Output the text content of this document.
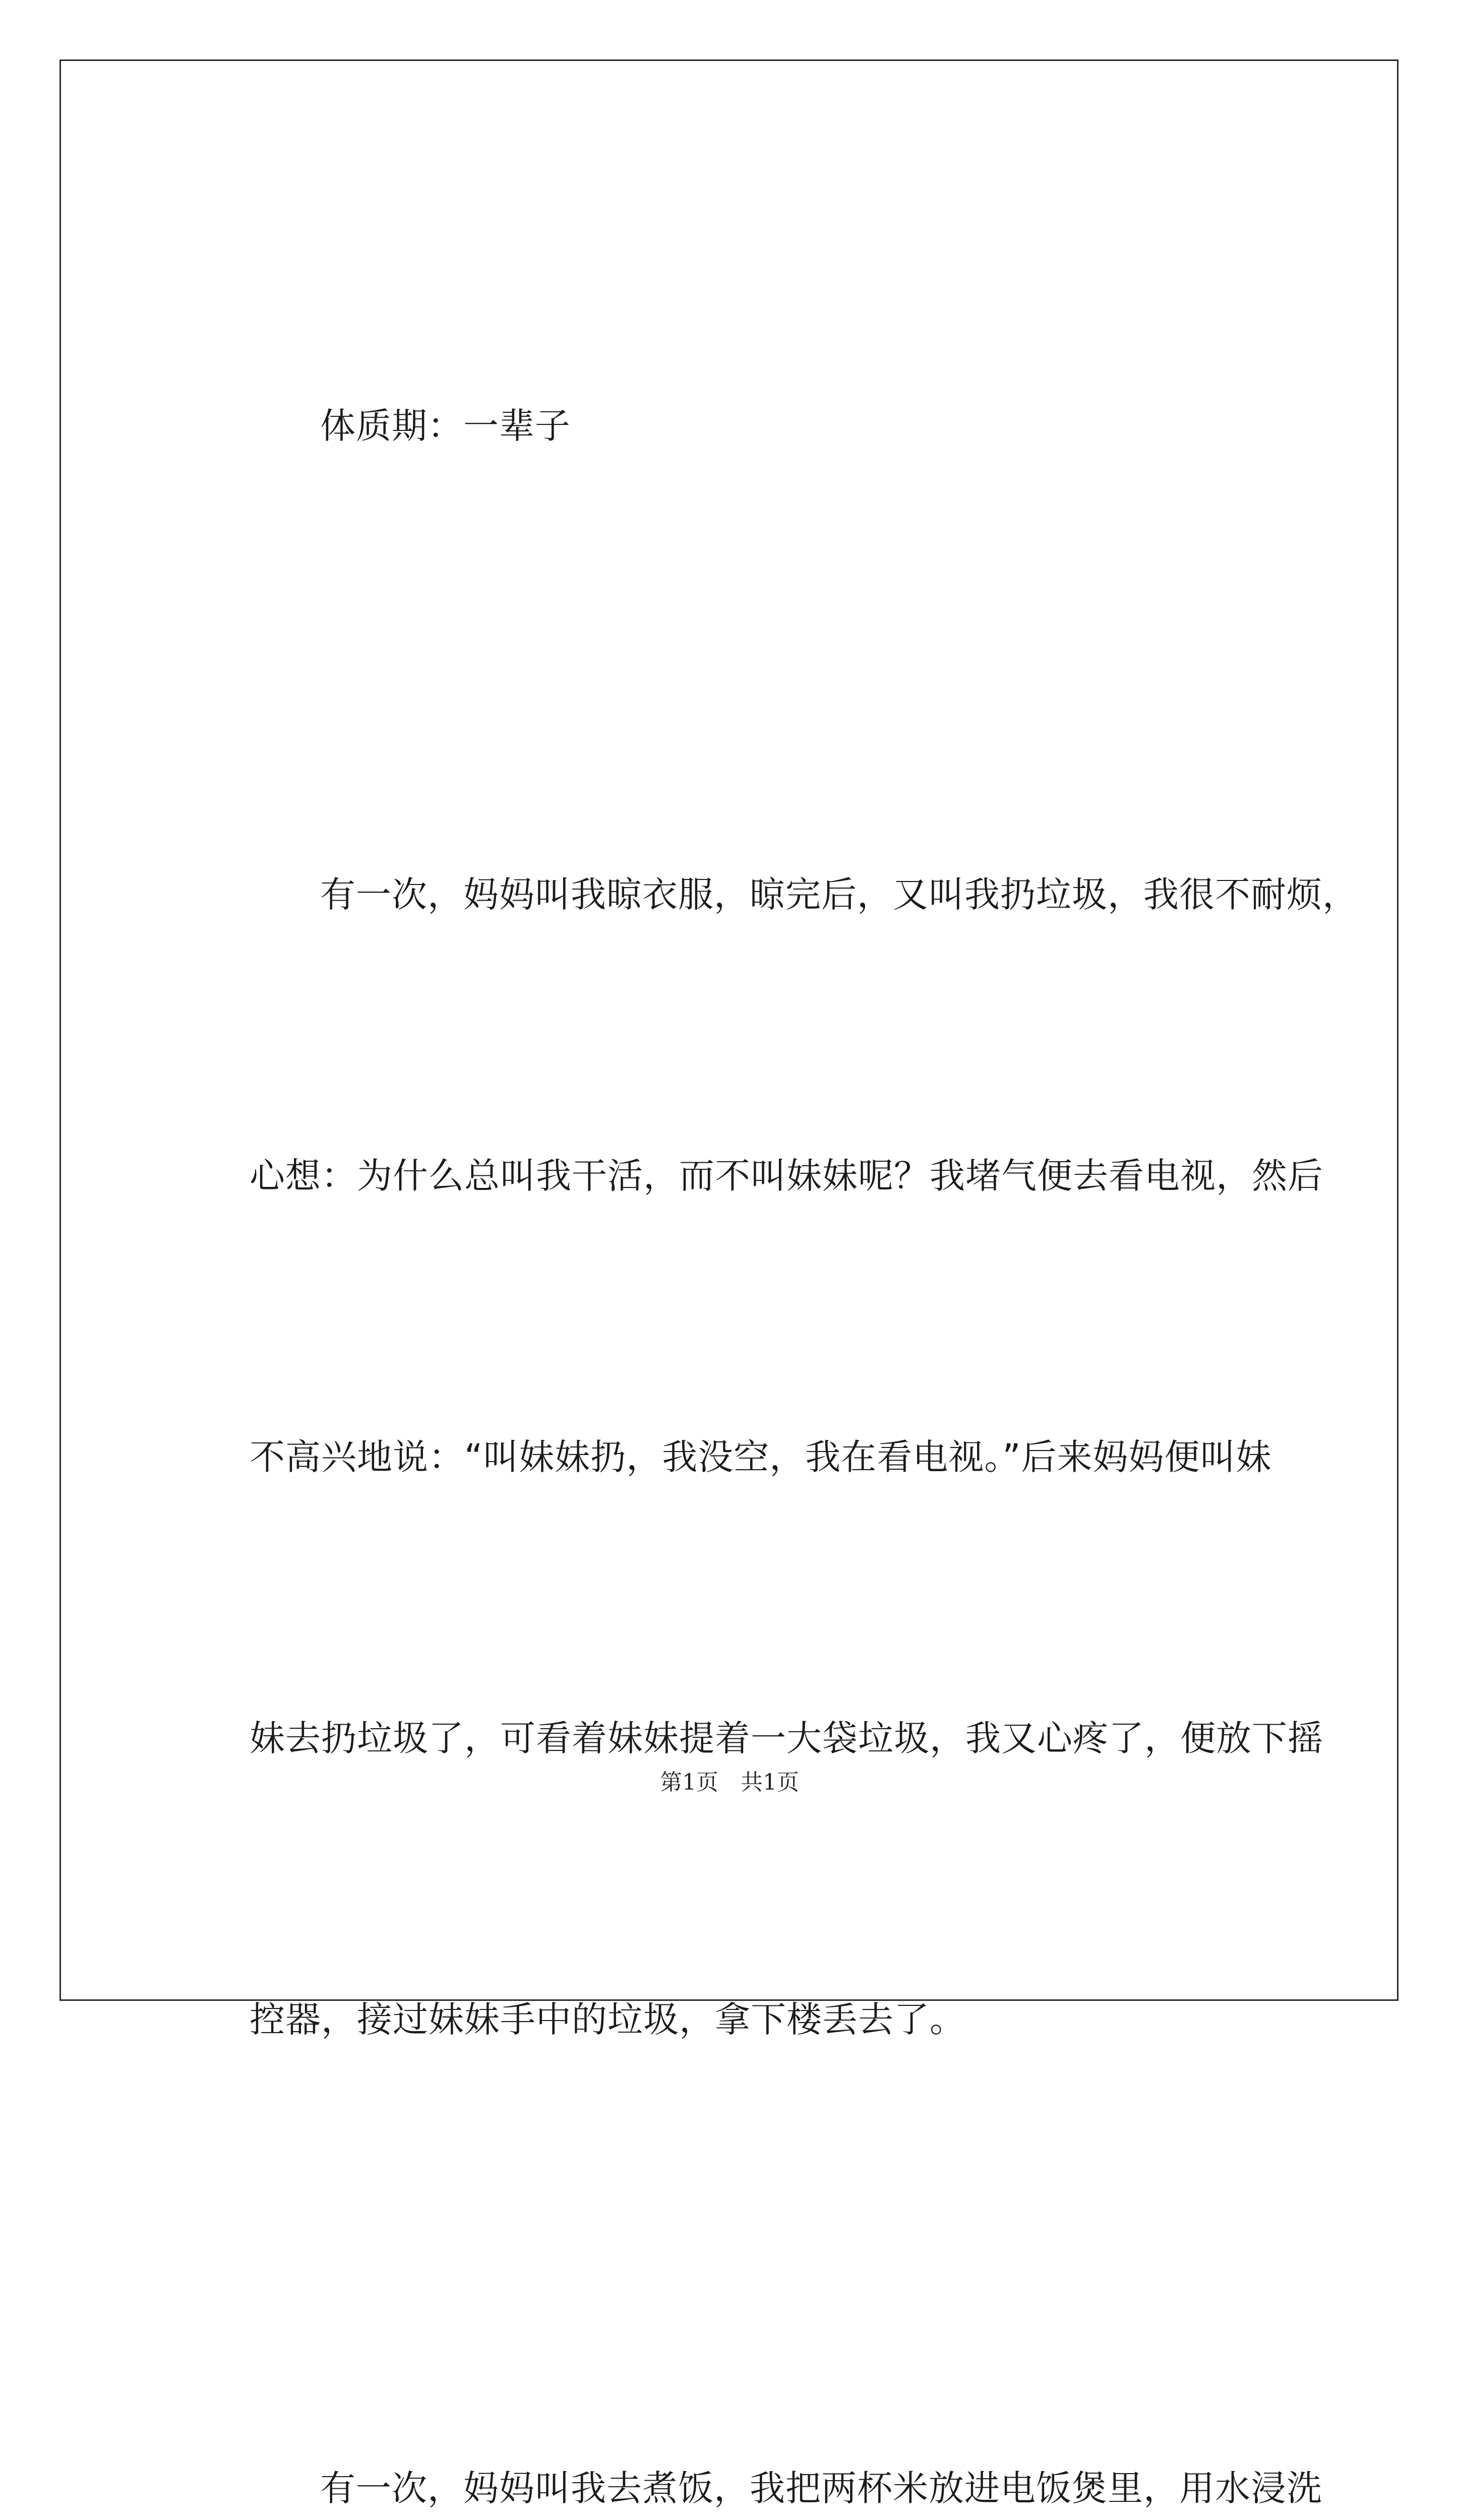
体质期：一辈子

有一次，妈妈叫我晾衣服，晾完后，又叫我扔垃圾，我很不耐烦，

心想：为什么总叫我干活，而不叫妹妹呢？我堵气便去看电视，然后

不高兴地说：“叫妹妹扔，我没空，我在看电视。”后来妈妈便叫妹

妹去扔垃圾了，可看着妹妹提着一大袋垃圾，我又心疼了，便放下摇

控器，接过妹妹手中的垃圾，拿下楼丢去了。

有一次，妈妈叫我去煮饭，我把两杯米放进电饭煲里，用水浸洗

第1页　共1页
